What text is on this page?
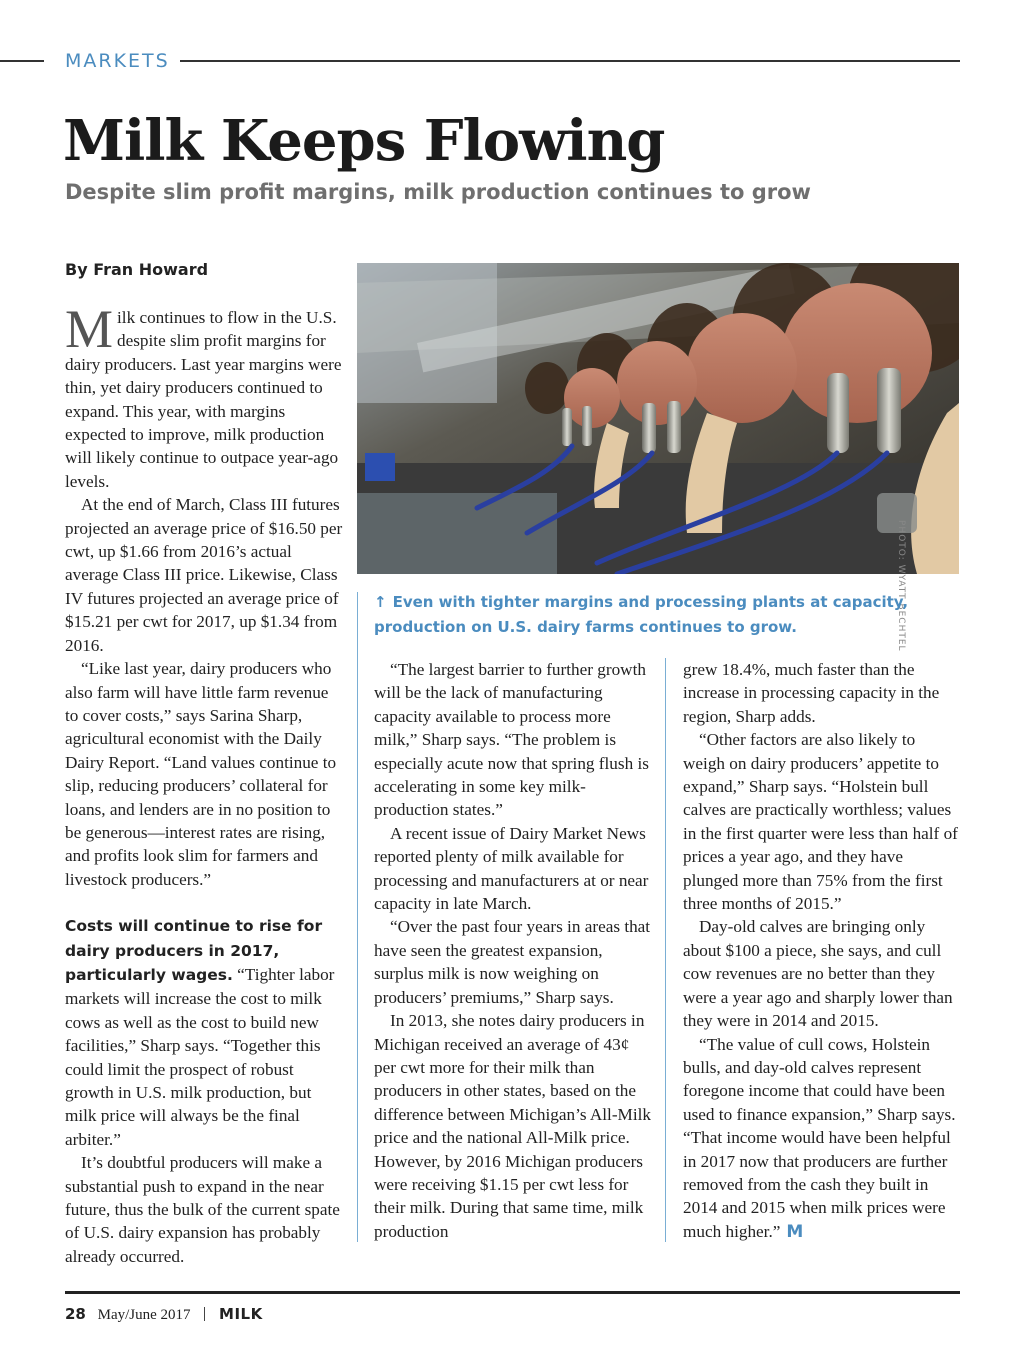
MARKETS
Milk Keeps Flowing
Despite slim profit margins, milk production continues to grow
By Fran Howard
PHOTO: WYATT BECHTEL
↑ Even with tighter margins and processing plants at capacity, production on U.S. dairy farms continues to grow.

Milk continues to flow in the U.S. despite slim profit margins for dairy producers. Last year margins were thin, yet dairy producers continued to expand. This year, with margins expected to improve, milk production will likely continue to outpace year-ago levels.

At the end of March, Class III futures projected an average price of $16.50 per cwt, up $1.66 from 2016’s actual average Class III price. Likewise, Class IV futures projected an average price of $15.21 per cwt for 2017, up $1.34 from 2016.

“Like last year, dairy producers who also farm will have little farm revenue to cover costs,” says Sarina Sharp, agricultural economist with the Daily Dairy Report. “Land values continue to slip, reducing producers’ collateral for loans, and lenders are in no position to be generous—interest rates are rising, and profits look slim for farmers and livestock producers.”

Costs will continue to rise for dairy producers in 2017, particularly wages. “Tighter labor markets will increase the cost to milk cows as well as the cost to build new facilities,” Sharp says. “Together this could limit the prospect of robust growth in U.S. milk production, but milk price will always be the final arbiter.”

It’s doubtful producers will make a substantial push to expand in the near future, thus the bulk of the current spate of U.S. dairy expansion has probably already occurred.

“The largest barrier to further growth will be the lack of manufacturing capacity available to process more milk,” Sharp says. “The problem is especially acute now that spring flush is accelerating in some key milk-production states.”

A recent issue of Dairy Market News reported plenty of milk available for processing and manufacturers at or near capacity in late March.

“Over the past four years in areas that have seen the greatest expansion, surplus milk is now weighing on producers’ premiums,” Sharp says.

In 2013, she notes dairy producers in Michigan received an average of 43¢ per cwt more for their milk than producers in other states, based on the difference between Michigan’s All-Milk price and the national All-Milk price. However, by 2016 Michigan producers were receiving $1.15 per cwt less for their milk. During that same time, milk production

grew 18.4%, much faster than the increase in processing capacity in the region, Sharp adds.

“Other factors are also likely to weigh on dairy producers’ appetite to expand,” Sharp says. “Holstein bull calves are practically worthless; values in the first quarter were less than half of prices a year ago, and they have plunged more than 75% from the first three months of 2015.”

Day-old calves are bringing only about $100 a piece, she says, and cull cow revenues are no better than they were a year ago and sharply lower than they were in 2014 and 2015.

“The value of cull cows, Holstein bulls, and day-old calves represent foregone income that could have been used to finance expansion,” Sharp says. “That income would have been helpful in 2017 now that producers are further removed from the cash they built in 2014 and 2015 when milk prices were much higher.” M

28 May/June 2017 MILK
